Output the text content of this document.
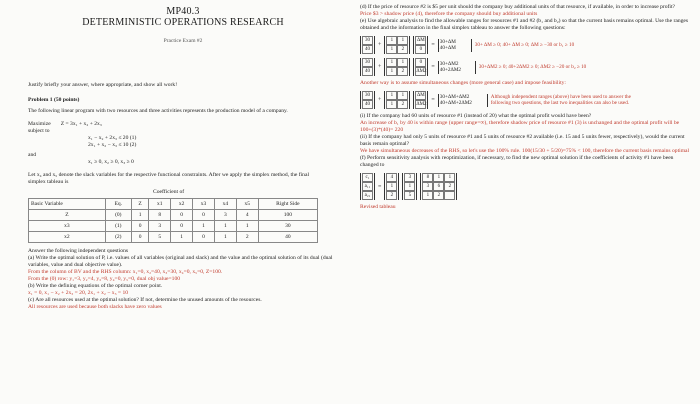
MP40.3
DETERMINISTIC OPERATIONS RESEARCH
Practice Exam #2
Justify briefly your answer, where appropriate, and show all work!
Problem 1 (50 points)
The following linear program with two resources and three activities represents the production model of a company.
Maximize Z = 3x₁ + x₂ + 2x₃
subject to
x₁ − x₂ + 2x₃ ≤ 20 (1)
2x₁ + x₂ − x₃ ≤ 10 (2)
and
x₁ ≥ 0, x₂ ≥ 0, x₃ ≥ 0
Let x₄ and x₅ denote the slack variables for the respective functional constraints. After we apply the simplex method, the final simplex tableau is
Coefficient of
Basic Variable	Eq.	Z	x1	x2	x3	x4	x5	Right Side
Z	(0)	1	8	0	0	3	4	100
x3	(1)	0	3	0	1	1	1	30
x2	(2)	0	5	1	0	1	2	40
Answer the following independent questions
(a) Write the optimal solution of P, i.e. values of all variables (original and slack) and the value and the optimal solution of its dual (dual variables, value and dual objective value).
From the column of BV and the RHS column: x₁=0, x₂=40, x₃=30, x₄=0, x₅=0, Z=100.
From the (0) row: y₁=3, y₂=4, y₃=8, y₄=0, y₅=0, dual obj value=100
(b) Write the defining equations of the optimal corner point.
x₁ = 0, x₁ − x₂ + 2x₃ = 20, 2x₁ + x₂ − x₃ = 10
(c) Are all resources used at the optimal solution? If not, determine the unused amounts of the resources.
All resources are used because both slacks have zero values
(d) If the price of resource #2 is $5 per unit should the company buy additional units of that resource, if available, in order to increase profit?
Price $3 > shadow price (4), therefore the company should buy additional units
(e) Use algebraic analysis to find the allowable ranges for resources #1 and #2 (b₁ and b₂) so that the current basis remains optimal. Use the ranges obtained and the information in the final simplex tableau to answer the following questions:
30
40
+
1
1
1
2
ΔM
0
=
30+ΔM
40+ΔM
30+ ΔM ≥ 0; 40+ ΔM ≥ 0; ΔM ≥ −30 or b₁ ≥ 10
30
40
+
1
1
1
2
0
ΔM2
=
30+ΔM2
40+2ΔM2
30+ΔM2 ≥ 0; 40+2ΔM2 ≥ 0; ΔM2 ≥ −20 or b₂ ≥ 10
Another way is to assume simultaneous changes (more general case) and impose feasibility:
30
40
+
1
1
1
2
ΔM
ΔM2
=
30+ΔM+ΔM2
40+ΔM+2ΔM2
Although independent ranges (above) have been used to answer the following two questions, the last two inequalities can also be used.
(i) If the company had 60 units of resource #1 (instead of 20) what the optimal profit would have been?
An increase of b₁ by 40 is within range (upper range=∞), therefore shadow price of resource #1 (3) is unchanged and the optimal profit will be 100+(3)*(40)= 220
(ii) If the company had only 5 units of resource #1 and 5 units of resource #2 available (i.e. 15 and 5 units fewer, respectively), would the current basis remain optimal?
We have simultaneous decreases of the RHS, so let's use the 100% rule. 100(15/30 + 5/20)=75% < 100, therefore the current basis remains optimal
(f) Perform sensitivity analysis with reoptimization, if necessary, to find the new optimal solution if the coefficients of activity #1 have been changed to
c₁
a₁₁
a₂₁
=
4
1
2
3
1
5
8
3
1
1
6
2
1
2
Revised tableau
